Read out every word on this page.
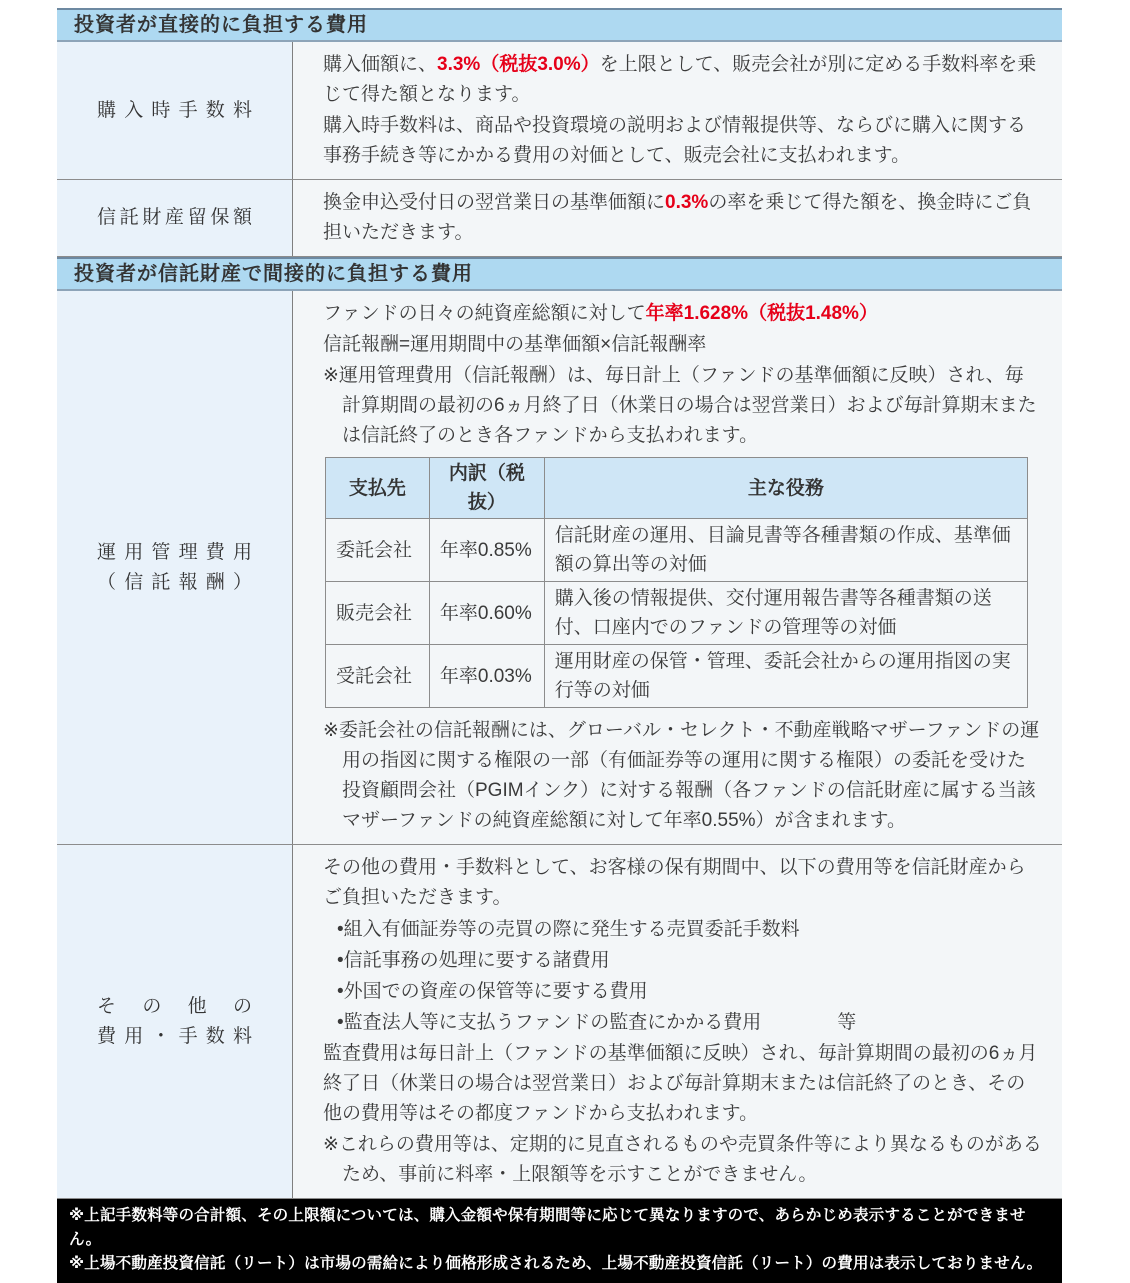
投資者が直接的に負担する費用
購入時手数料

購入価額に、3.3%（税抜3.0%）を上限として、販売会社が別に定める手数料率を乗じて得た額となります。

購入時手数料は、商品や投資環境の説明および情報提供等、ならびに購入に関する事務手続き等にかかる費用の対価として、販売会社に支払われます。

信託財産留保額

換金申込受付日の翌営業日の基準価額に0.3%の率を乗じて得た額を、換金時にご負担いただきます。

投資者が信託財産で間接的に負担する費用
運用管理費用
（信託報酬）

ファンドの日々の純資産総額に対して年率1.628%（税抜1.48%）

信託報酬=運用期間中の基準価額×信託報酬率

※運用管理費用（信託報酬）は、毎日計上（ファンドの基準価額に反映）され、毎計算期間の最初の6ヵ月終了日（休業日の場合は翌営業日）および毎計算期末または信託終了のとき各ファンドから支払われます。

支払先	内訳（税抜）	主な役務
委託会社	年率0.85%	信託財産の運用、目論見書等各種書類の作成、基準価額の算出等の対価
販売会社	年率0.60%	購入後の情報提供、交付運用報告書等各種書類の送付、口座内でのファンドの管理等の対価
受託会社	年率0.03%	運用財産の保管・管理、委託会社からの運用指図の実行等の対価

※委託会社の信託報酬には、グローバル・セレクト・不動産戦略マザーファンドの運用の指図に関する権限の一部（有価証券等の運用に関する権限）の委託を受けた投資顧問会社（PGIMインク）に対する報酬（各ファンドの信託財産に属する当該マザーファンドの純資産総額に対して年率0.55%）が含まれます。

その他の
費用・手数料

その他の費用・手数料として、お客様の保有期間中、以下の費用等を信託財産からご負担いただきます。

•組入有価証券等の売買の際に発生する売買委託手数料
•信託事務の処理に要する諸費用
•外国での資産の保管等に要する費用
•監査法人等に支払うファンドの監査にかかる費用　　　　等

監査費用は毎日計上（ファンドの基準価額に反映）され、毎計算期間の最初の6ヵ月終了日（休業日の場合は翌営業日）および毎計算期末または信託終了のとき、その他の費用等はその都度ファンドから支払われます。

※これらの費用等は、定期的に見直されるものや売買条件等により異なるものがあるため、事前に料率・上限額等を示すことができません。

※上記手数料等の合計額、その上限額については、購入金額や保有期間等に応じて異なりますので、あらかじめ表示することができません。
※上場不動産投資信託（リート）は市場の需給により価格形成されるため、上場不動産投資信託（リート）の費用は表示しておりません。
